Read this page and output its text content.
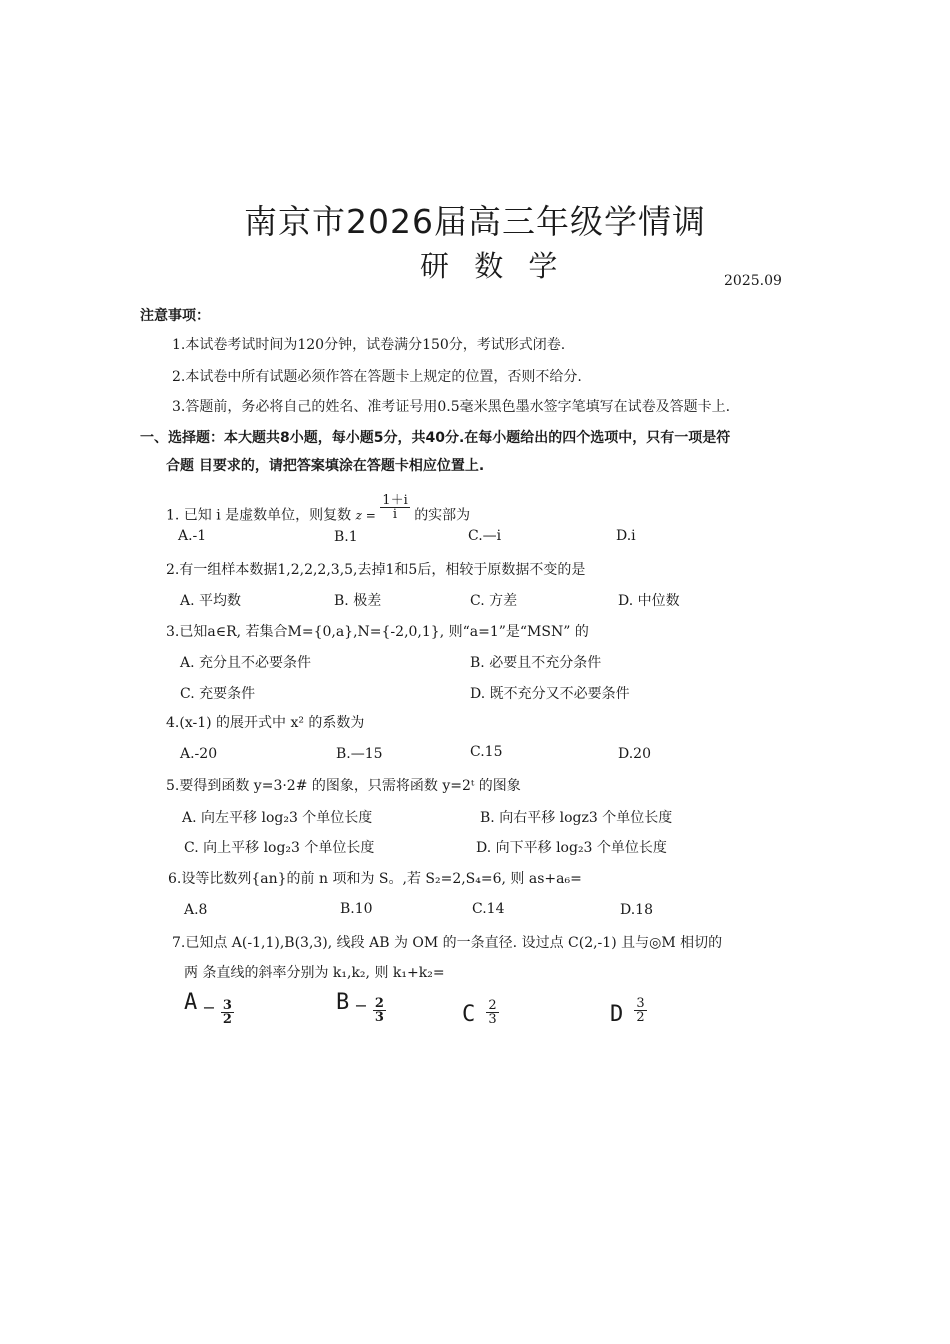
南京市2026届高三年级学情调
研 数 学	2025.09
注意事项：
1.本试卷考试时间为120分钟，试卷满分150分，考试形式闭卷.
2.本试卷中所有试题必须作答在答题卡上规定的位置，否则不给分.
3.答题前，务必将自己的姓名、准考证号用0.5毫米黑色墨水签字笔填写在试卷及答题卡上.
一、选择题：本大题共8小题，每小题5分，共40分.在每小题给出的四个选项中，只有一项是符
合题 目要求的，请把答案填涂在答题卡相应位置上.
1. 已知 i 是虚数单位，则复数 $z = \frac{1+i}{i}$ 的实部为
A.-1	B.1	C.—i	D.i
2.有一组样本数据1,2,2,2,3,5,去掉1和5后，相较于原数据不变的是
A. 平均数	B. 极差	C. 方差	D. 中位数
3.已知a∈R, 若集合M={0,a},N={-2,0,1}, 则“a=1”是“MSN” 的
A. 充分且不必要条件	B. 必要且不充分条件
C. 充要条件	D. 既不充分又不必要条件
4.(x-1) 的展开式中 x² 的系数为
A.-20	B.—15	C.15	D.20
5.要得到函数 y=3·2# 的图象，只需将函数 y=2ᵗ 的图象
A. 向左平移 log₂3 个单位长度	B. 向右平移 logz3 个单位长度
C. 向上平移 log₂3 个单位长度	D. 向下平移 log₂3 个单位长度
6.设等比数列{an}的前 n 项和为 S。,若 S₂=2,S₄=6, 则 as+a₆=
A.8	B.10	C.14	D.18
7.已知点 A(-1,1),B(3,3), 线段 AB 为 OM 的一条直径. 设过点 C(2,-1) 且与◎M 相切的
两 条直线的斜率分别为 k₁,k₂, 则 k₁+k₂=
$A - \frac{3}{2}$	$B - \frac{2}{3}$	C $\frac{2}{3}$	D $\frac{3}{2}$
